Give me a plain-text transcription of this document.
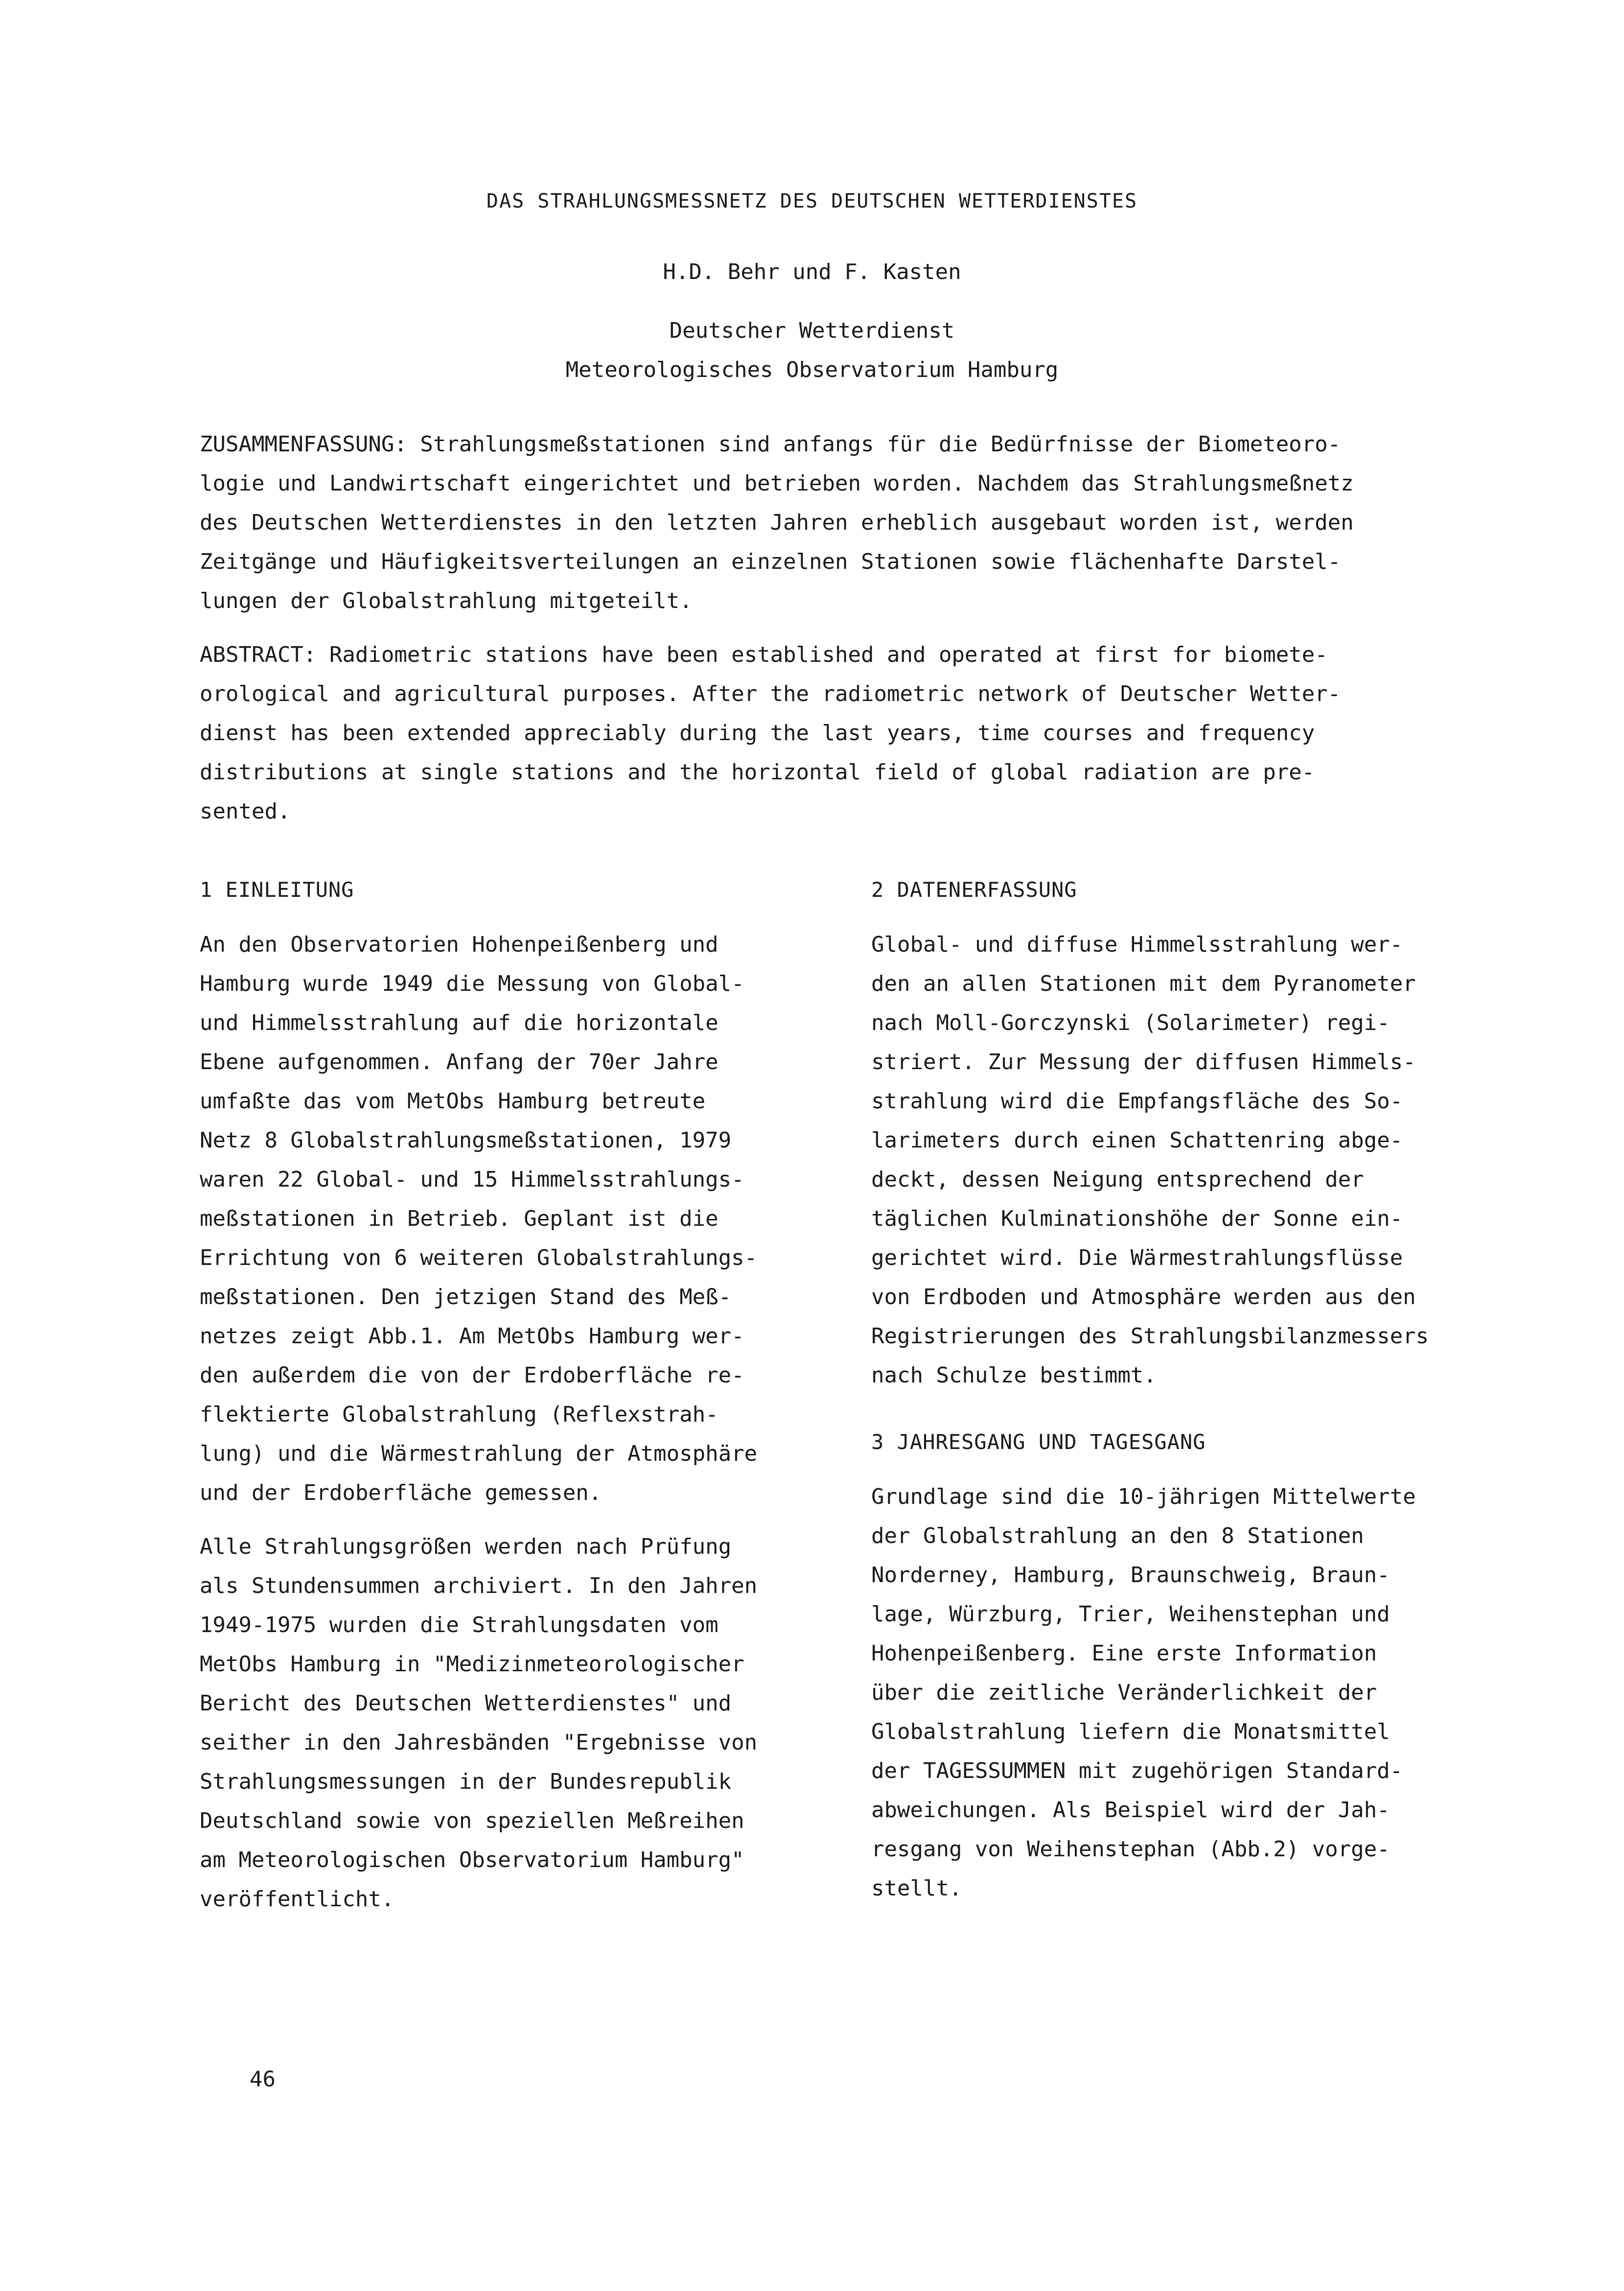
DAS STRAHLUNGSMESSNETZ DES DEUTSCHEN WETTERDIENSTES
H.D. Behr und F. Kasten
Deutscher Wetterdienst
Meteorologisches Observatorium Hamburg
ZUSAMMENFASSUNG: Strahlungsmeßstationen sind anfangs für die Bedürfnisse der Biometeoro-
logie und Landwirtschaft eingerichtet und betrieben worden. Nachdem das Strahlungsmeßnetz
des Deutschen Wetterdienstes in den letzten Jahren erheblich ausgebaut worden ist, werden
Zeitgänge und Häufigkeitsverteilungen an einzelnen Stationen sowie flächenhafte Darstel-
lungen der Globalstrahlung mitgeteilt.
ABSTRACT: Radiometric stations have been established and operated at first for biomete-
orological and agricultural purposes. After the radiometric network of Deutscher Wetter-
dienst has been extended appreciably during the last years, time courses and frequency
distributions at single stations and the horizontal field of global radiation are pre-
sented.
1 EINLEITUNG

An den Observatorien Hohenpeißenberg und
Hamburg wurde 1949 die Messung von Global-
und Himmelsstrahlung auf die horizontale
Ebene aufgenommen. Anfang der 70er Jahre
umfaßte das vom MetObs Hamburg betreute
Netz 8 Globalstrahlungsmeßstationen, 1979
waren 22 Global- und 15 Himmelsstrahlungs-
meßstationen in Betrieb. Geplant ist die
Errichtung von 6 weiteren Globalstrahlungs-
meßstationen. Den jetzigen Stand des Meß-
netzes zeigt Abb.1. Am MetObs Hamburg wer-
den außerdem die von der Erdoberfläche re-
flektierte Globalstrahlung (Reflexstrah-
lung) und die Wärmestrahlung der Atmosphäre
und der Erdoberfläche gemessen.

Alle Strahlungsgrößen werden nach Prüfung
als Stundensummen archiviert. In den Jahren
1949-1975 wurden die Strahlungsdaten vom
MetObs Hamburg in "Medizinmeteorologischer
Bericht des Deutschen Wetterdienstes" und
seither in den Jahresbänden "Ergebnisse von
Strahlungsmessungen in der Bundesrepublik
Deutschland sowie von speziellen Meßreihen
am Meteorologischen Observatorium Hamburg"
veröffentlicht.

2 DATENERFASSUNG

Global- und diffuse Himmelsstrahlung wer-
den an allen Stationen mit dem Pyranometer
nach Moll-Gorczynski (Solarimeter) regi-
striert. Zur Messung der diffusen Himmels-
strahlung wird die Empfangsfläche des So-
larimeters durch einen Schattenring abge-
deckt, dessen Neigung entsprechend der
täglichen Kulminationshöhe der Sonne ein-
gerichtet wird. Die Wärmestrahlungsflüsse
von Erdboden und Atmosphäre werden aus den
Registrierungen des Strahlungsbilanzmessers
nach Schulze bestimmt.

3 JAHRESGANG UND TAGESGANG

Grundlage sind die 10-jährigen Mittelwerte
der Globalstrahlung an den 8 Stationen
Norderney, Hamburg, Braunschweig, Braun-
lage, Würzburg, Trier, Weihenstephan und
Hohenpeißenberg. Eine erste Information
über die zeitliche Veränderlichkeit der
Globalstrahlung liefern die Monatsmittel
der TAGESSUMMEN mit zugehörigen Standard-
abweichungen. Als Beispiel wird der Jah-
resgang von Weihenstephan (Abb.2) vorge-
stellt.

46
